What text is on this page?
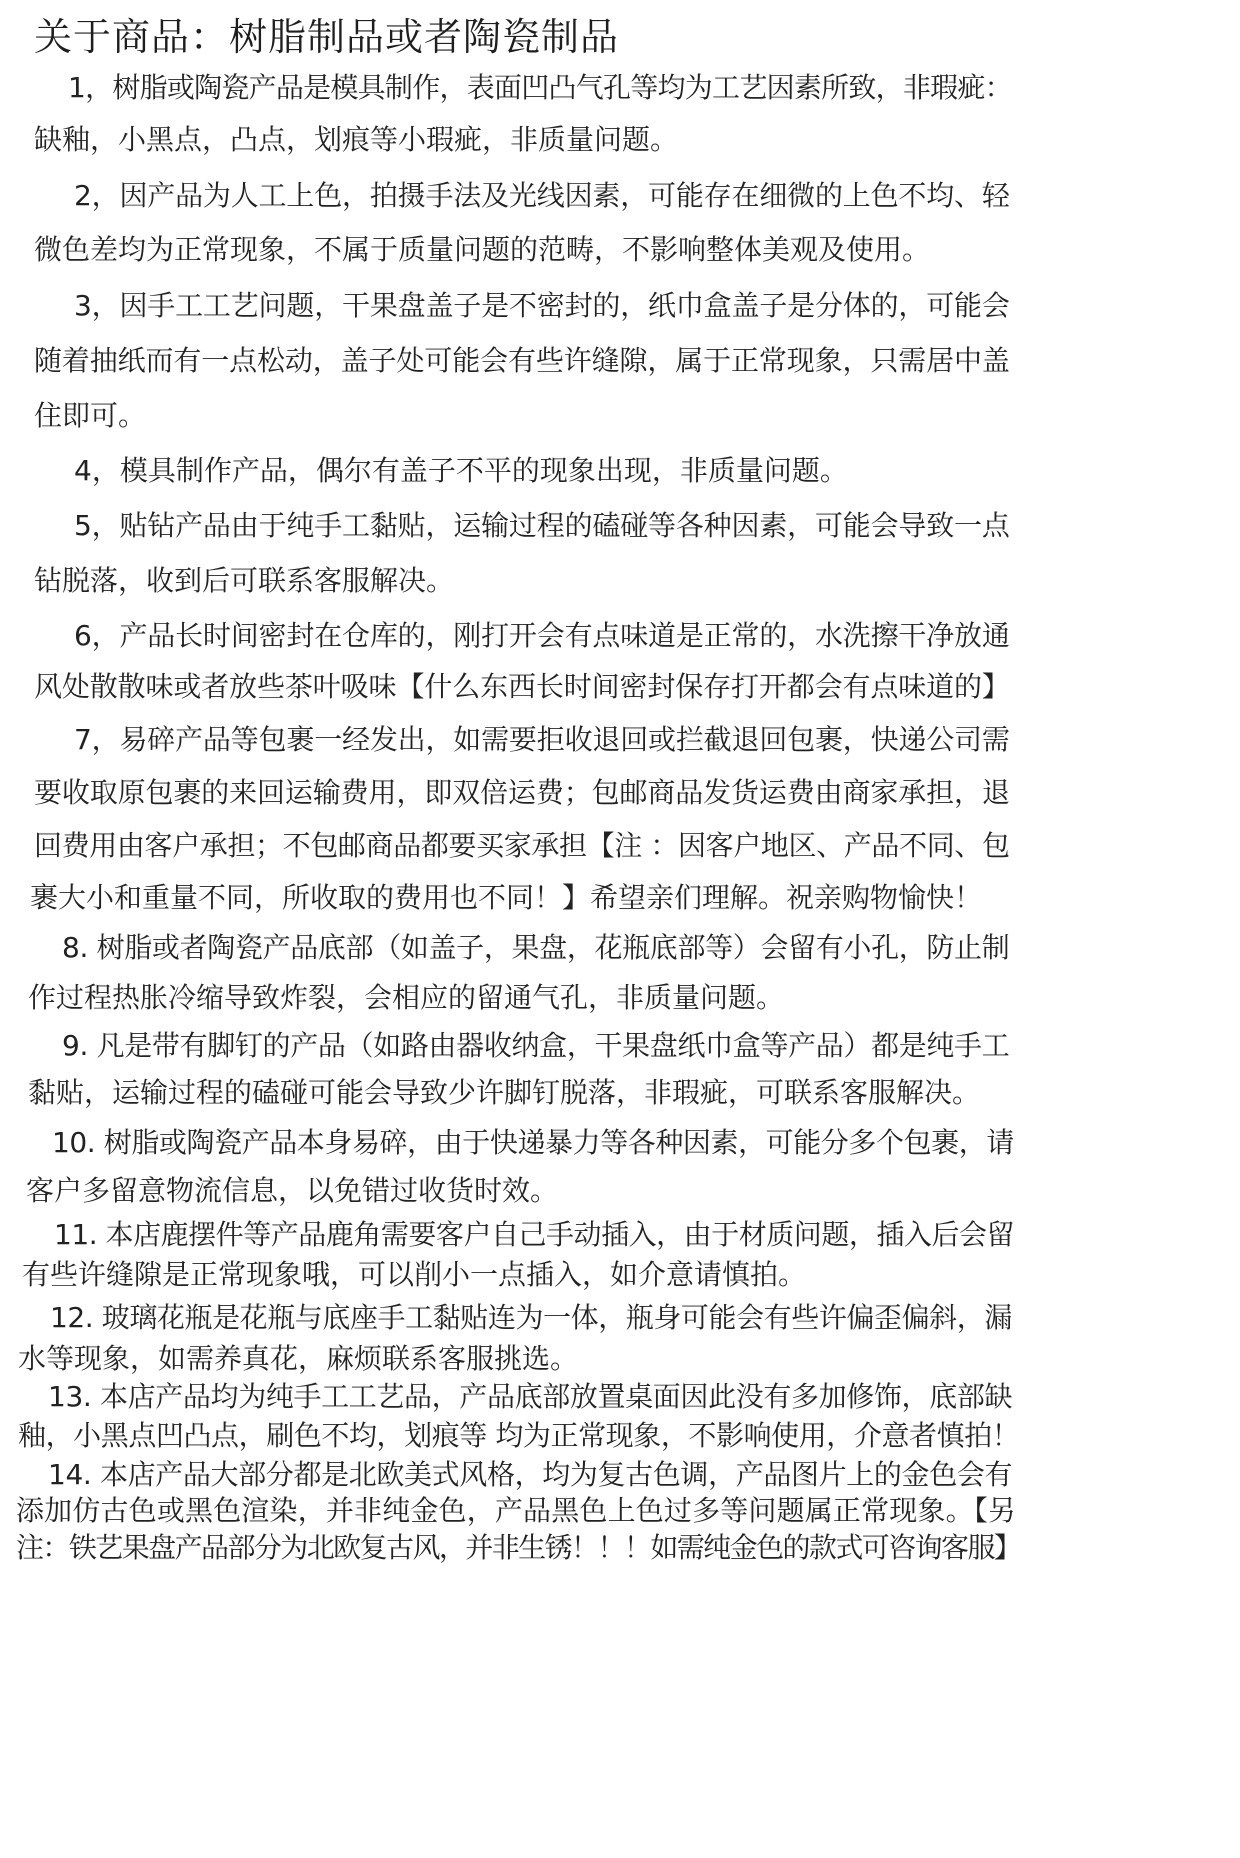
关于商品：树脂制品或者陶瓷制品
1，树脂或陶瓷产品是模具制作，表面凹凸气孔等均为工艺因素所致，非瑕疵：
缺釉，小黑点，凸点，划痕等小瑕疵，非质量问题。
2，因产品为人工上色，拍摄手法及光线因素，可能存在细微的上色不均、轻
微色差均为正常现象，不属于质量问题的范畴，不影响整体美观及使用。
3，因手工工艺问题，干果盘盖子是不密封的，纸巾盒盖子是分体的，可能会
随着抽纸而有一点松动，盖子处可能会有些许缝隙，属于正常现象，只需居中盖
住即可。
4，模具制作产品，偶尔有盖子不平的现象出现，非质量问题。
5，贴钻产品由于纯手工黏贴，运输过程的磕碰等各种因素，可能会导致一点
钻脱落，收到后可联系客服解决。
6，产品长时间密封在仓库的，刚打开会有点味道是正常的，水洗擦干净放通
风处散散味或者放些茶叶吸味【什么东西长时间密封保存打开都会有点味道的】
7，易碎产品等包裹一经发出，如需要拒收退回或拦截退回包裹，快递公司需
要收取原包裹的来回运输费用，即双倍运费；包邮商品发货运费由商家承担，退
回费用由客户承担；不包邮商品都要买家承担【注 ：因客户地区、产品不同、包
裹大小和重量不同，所收取的费用也不同！】希望亲们理解。祝亲购物愉快！
8. 树脂或者陶瓷产品底部（如盖子，果盘，花瓶底部等）会留有小孔，防止制
作过程热胀冷缩导致炸裂，会相应的留通气孔，非质量问题。
9. 凡是带有脚钉的产品（如路由器收纳盒，干果盘纸巾盒等产品）都是纯手工
黏贴，运输过程的磕碰可能会导致少许脚钉脱落，非瑕疵，可联系客服解决。
10. 树脂或陶瓷产品本身易碎，由于快递暴力等各种因素，可能分多个包裹，请
客户多留意物流信息，以免错过收货时效。
11. 本店鹿摆件等产品鹿角需要客户自己手动插入，由于材质问题，插入后会留
有些许缝隙是正常现象哦，可以削小一点插入，如介意请慎拍。
12. 玻璃花瓶是花瓶与底座手工黏贴连为一体，瓶身可能会有些许偏歪偏斜，漏
水等现象，如需养真花，麻烦联系客服挑选。
13. 本店产品均为纯手工工艺品，产品底部放置桌面因此没有多加修饰，底部缺
釉，小黑点凹凸点，刷色不均，划痕等 均为正常现象，不影响使用，介意者慎拍！
14. 本店产品大部分都是北欧美式风格，均为复古色调，产品图片上的金色会有
添加仿古色或黑色渲染，并非纯金色，产品黑色上色过多等问题属正常现象。【另
注：铁艺果盘产品部分为北欧复古风，并非生锈！！！如需纯金色的款式可咨询客服】
